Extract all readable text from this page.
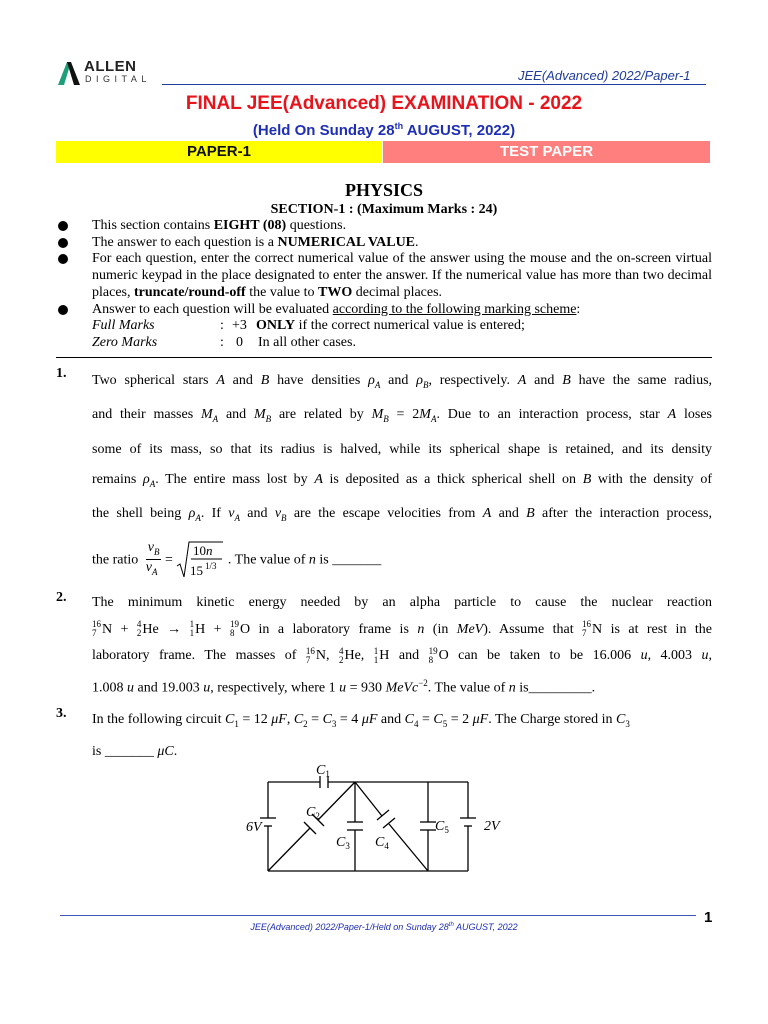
ALLEN
DIGITAL	JEE(Advanced) 2022/Paper-1
FINAL JEE(Advanced) EXAMINATION - 2022
(Held On Sunday 28th AUGUST, 2022)
PAPER-1	TEST PAPER
PHYSICS
SECTION-1 : (Maximum Marks : 24)
This section contains EIGHT (08) questions.
The answer to each question is a NUMERICAL VALUE.
For each question, enter the correct numerical value of the answer using the mouse and the on-screen virtual numeric keypad in the place designated to enter the answer. If the numerical value has more than two decimal places, truncate/round-off the value to TWO decimal places.
Answer to each question will be evaluated according to the following marking scheme:
Full Marks	: +3 ONLY if the correct numerical value is entered;
Zero Marks	: 0 In all other cases.
1. Two spherical stars A and B have densities $\rho_A$ and $\rho_B$, respectively. A and B have the same radius,
and their masses $M_A$ and $M_B$ are related by $M_B = 2M_A$. Due to an interaction process, star A loses
some of its mass, so that its radius is halved, while its spherical shape is retained, and its density
remains $\rho_A$. The entire mass lost by A is deposited as a thick spherical shell on B with the density of
the shell being $\rho_A$. If $v_A$ and $v_B$ are the escape velocities from A and B after the interaction process,
the ratio $\frac{v_B}{v_A}$ =
10n
15 1/3 . The value of n is _______
2. The minimum kinetic energy needed by an alpha particle to cause the nuclear reaction
16
7 N + 4
2 He → 1
1 H + 19
8 O in a laboratory frame is n (in MeV). Assume that 16
7 N is at rest in the
laboratory frame. The masses of 16
7 N, 4
2 He, 1
1 H and 19
8 O can be taken to be 16.006 u, 4.003 u,
1.008 u and 19.003 u, respectively, where 1 u = 930 MeVc$^{-2}$. The value of n is_________.
3. In the following circuit $C_1 = 12$ μF, $C_2 = C_3 = 4$ μF and $C_4 = C_5 = 2$ μF. The Charge stored in $C_3$
is _______ μC.
$C_1$
$C_2$
$C_3$ $C_4$
$C_5$
6V	2V
JEE(Advanced) 2022/Paper-1/Held on Sunday 28th AUGUST, 2022
1
